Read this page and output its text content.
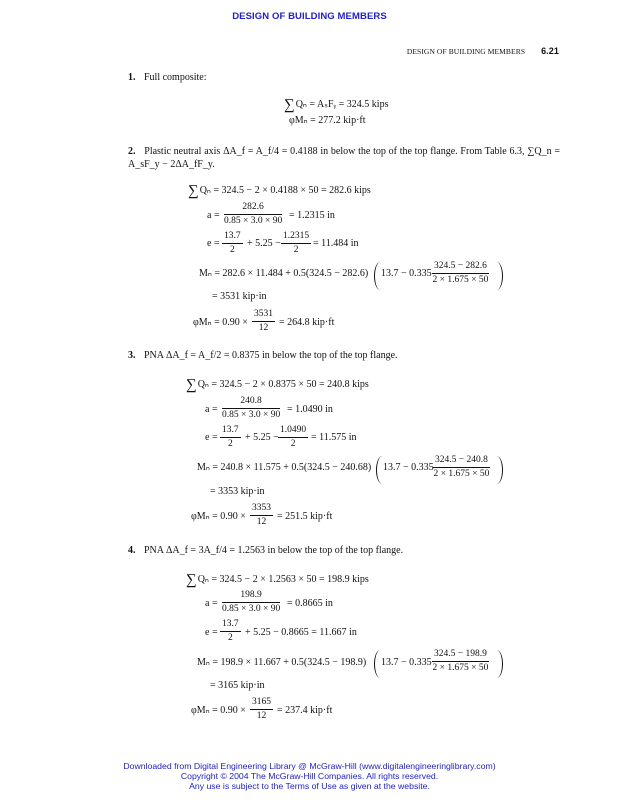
DESIGN OF BUILDING MEMBERS
DESIGN OF BUILDING MEMBERS 6.21
1. Full composite:
∑Qₙ = AₛFᵧ = 324.5 kips
φMₙ = 277.2 kip·ft
2. Plastic neutral axis ΔA_f = A_f/4 = 0.4188 in below the top of the top flange. From Table 6.3, ∑Q_n = A_sF_y − 2ΔA_fF_y.
∑Qₙ = 324.5 − 2 × 0.4188 × 50 = 282.6 kips
$a = \frac{282.6}{0.85 \times 3.0 \times 90} = 1.2315$ in
$e = \frac{13.7}{2} + 5.25 - \frac{1.2315}{2} = 11.484$ in
Mₙ = 282.6 × 11.484 + 0.5(324.5 − 282.6) $13.7 - 0.335 \frac{324.5 - 282.6}{2 \times 1.675 \times 50}$
= 3531 kip·in
$\varphi M_n = 0.90 \times \frac{3531}{12} = 264.8$ kip·ft
3. PNA ΔA_f = A_f/2 = 0.8375 in below the top of the top flange.
∑Qₙ = 324.5 − 2 × 0.8375 × 50 = 240.8 kips
$a = \frac{240.8}{0.85 \times 3.0 \times 90} = 1.0490$ in
$e = \frac{13.7}{2} + 5.25 - \frac{1.0490}{2} = 11.575$ in
Mₙ = 240.8 × 11.575 + 0.5(324.5 − 240.68) $13.7 - 0.335 \frac{324.5 - 240.8}{2 \times 1.675 \times 50}$
= 3353 kip·in
$\varphi M_n = 0.90 \times \frac{3353}{12} = 251.5$ kip·ft
4. PNA ΔA_f = 3A_f/4 = 1.2563 in below the top of the top flange.
∑Qₙ = 324.5 − 2 × 1.2563 × 50 = 198.9 kips
$a = \frac{198.9}{0.85 \times 3.0 \times 90} = 0.8665$ in
$e = \frac{13.7}{2} + 5.25 - 0.8665 = 11.667$ in
Mₙ = 198.9 × 11.667 + 0.5(324.5 − 198.9) $13.7 - 0.335 \frac{324.5 - 198.9}{2 \times 1.675 \times 50}$
= 3165 kip·in
$\varphi M_n = 0.90 \times \frac{3165}{12} = 237.4$ kip·ft
Downloaded from Digital Engineering Library @ McGraw-Hill (www.digitalengineeringlibrary.com)
Copyright © 2004 The McGraw-Hill Companies. All rights reserved.
Any use is subject to the Terms of Use as given at the website.
